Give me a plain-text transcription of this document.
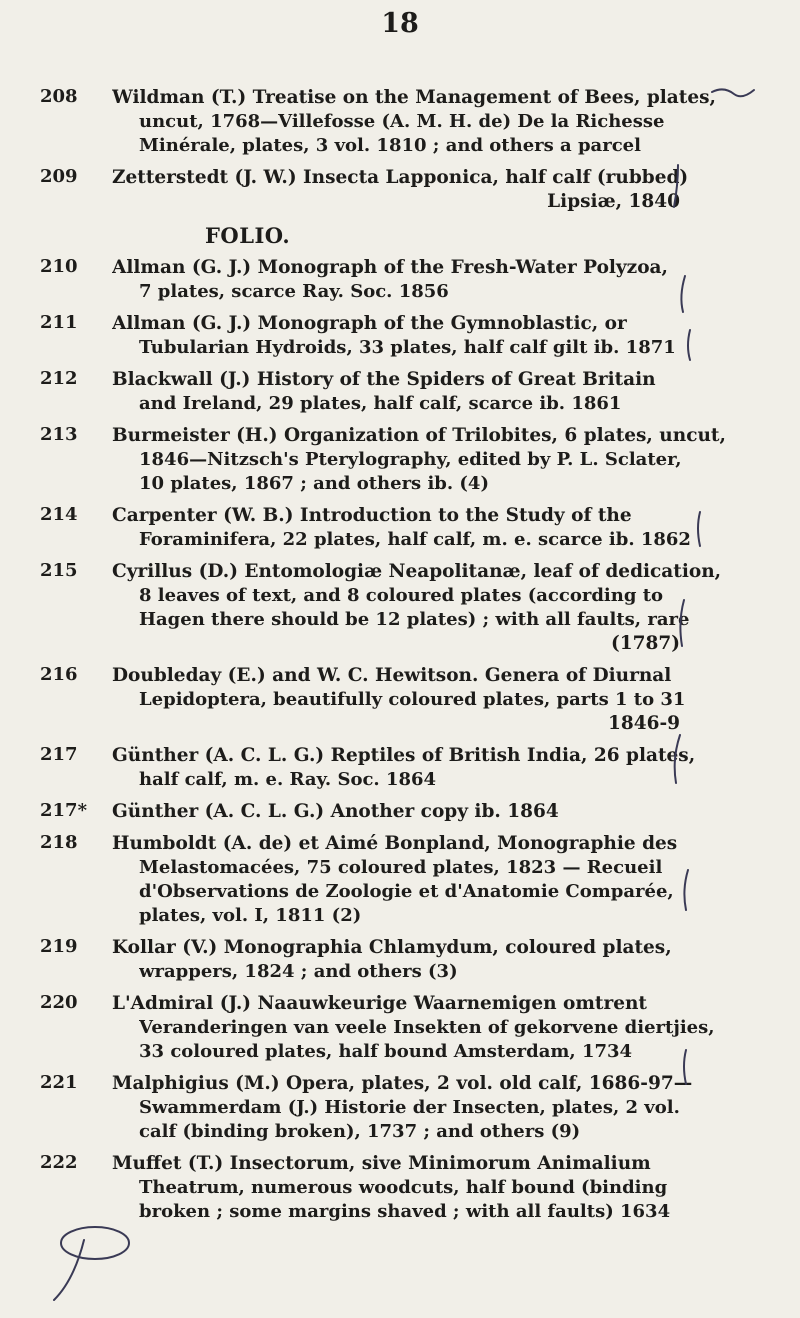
18
208	Wildman (T.) Treatise on the Management of Bees, plates,
uncut, 1768—Villefosse (A. M. H. de) De la Richesse
Minérale, plates, 3 vol. 1810 ; and others a parcel
209	Zetterstedt (J. W.) Insecta Lapponica, half calf (rubbed)
Lipsiæ, 1840
FOLIO.
210	Allman (G. J.) Monograph of the Fresh-Water Polyzoa,
7 plates, scarce Ray. Soc. 1856
211	Allman (G. J.) Monograph of the Gymnoblastic, or
Tubularian Hydroids, 33 plates, half calf gilt ib. 1871
212	Blackwall (J.) History of the Spiders of Great Britain
and Ireland, 29 plates, half calf, scarce ib. 1861
213	Burmeister (H.) Organization of Trilobites, 6 plates, uncut,
1846—Nitzsch's Pterylography, edited by P. L. Sclater,
10 plates, 1867 ; and others ib. (4)
214	Carpenter (W. B.) Introduction to the Study of the
Foraminifera, 22 plates, half calf, m. e. scarce ib. 1862
215	Cyrillus (D.) Entomologiæ Neapolitanæ, leaf of dedication,
8 leaves of text, and 8 coloured plates (according to
Hagen there should be 12 plates) ; with all faults, rare
(1787)
216	Doubleday (E.) and W. C. Hewitson. Genera of Diurnal
Lepidoptera, beautifully coloured plates, parts 1 to 31
1846-9
217	Günther (A. C. L. G.) Reptiles of British India, 26 plates,
half calf, m. e. Ray. Soc. 1864
217*	Günther (A. C. L. G.) Another copy ib. 1864
218	Humboldt (A. de) et Aimé Bonpland, Monographie des
Melastomacées, 75 coloured plates, 1823 — Recueil
d'Observations de Zoologie et d'Anatomie Comparée,
plates, vol. I, 1811 (2)
219	Kollar (V.) Monographia Chlamydum, coloured plates,
wrappers, 1824 ; and others (3)
220	L'Admiral (J.) Naauwkeurige Waarnemigen omtrent
Veranderingen van veele Insekten of gekorvene diertjies,
33 coloured plates, half bound Amsterdam, 1734
221	Malphigius (M.) Opera, plates, 2 vol. old calf, 1686-97—
Swammerdam (J.) Historie der Insecten, plates, 2 vol.
calf (binding broken), 1737 ; and others (9)
222	Muffet (T.) Insectorum, sive Minimorum Animalium
Theatrum, numerous woodcuts, half bound (binding
broken ; some margins shaved ; with all faults) 1634
